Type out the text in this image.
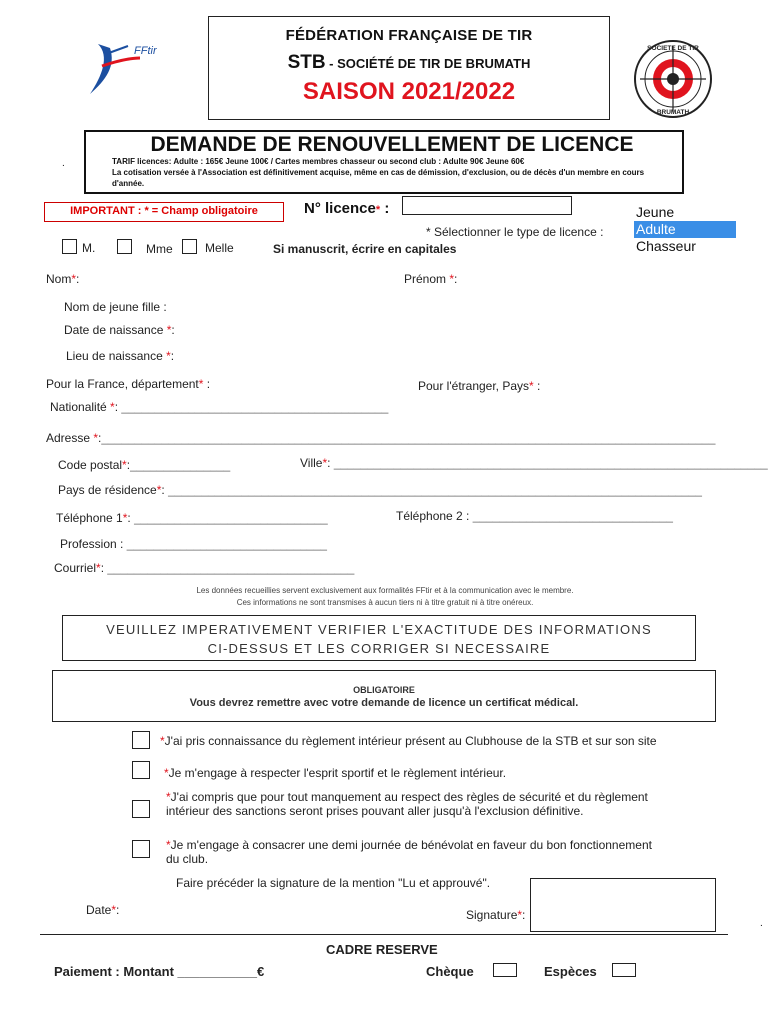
FFtir
FÉDÉRATION FRANÇAISE DE TIR
STB - SOCIÉTÉ DE TIR DE BRUMATH
SAISON 2021/2022
SOCIETE DE TIR
BRUMATH
.
DEMANDE DE RENOUVELLEMENT DE LICENCE
TARIF licences: Adulte : 165€ Jeune 100€ / Cartes membres chasseur ou second club : Adulte 90€ Jeune 60€
La cotisation versée à l'Association est définitivement acquise, même en cas de démission, d'exclusion, ou de décès d'un membre en cours d'année.
IMPORTANT : * = Champ obligatoire	N° licence* :
* Sélectionner le type de licence :
Jeune
Adulte
Chasseur
M.	Mme	Melle	Si manuscrit, écrire en capitales
Nom*:	Prénom *:
Nom de jeune fille :
Date de naissance *:
Lieu de naissance *:
Pour la France, département* :	Pour l'étranger, Pays* :
Nationalité *: ________________________________________
Adresse *:____________________________________________________________________________________________
Code postal*:_______________	Ville*: _________________________________________________________________
Pays de résidence*: ________________________________________________________________________________
Téléphone 1*: _____________________________	Téléphone 2 : ______________________________
Profession : ______________________________
Courriel*: _____________________________________
Les données recueillies servent exclusivement aux formalités FFtir et à la communication avec le membre.
Ces informations ne sont transmises à aucun tiers ni à titre gratuit ni à titre onéreux.
VEUILLEZ IMPERATIVEMENT VERIFIER L'EXACTITUDE DES INFORMATIONS
CI-DESSUS ET LES CORRIGER SI NECESSAIRE
OBLIGATOIRE
Vous devrez remettre avec votre demande de licence un certificat médical.
*J'ai pris connaissance du règlement intérieur présent au Clubhouse de la STB et sur son site
*Je m'engage à respecter l'esprit sportif et le règlement intérieur.
*J'ai compris que pour tout manquement au respect des règles de sécurité et du règlement intérieur des sanctions seront prises pouvant aller jusqu'à l'exclusion définitive.
*Je m'engage à consacrer une demi journée de bénévolat en faveur du bon fonctionnement du club.
Faire précéder la signature de la mention "Lu et approuvé".
Date*:	Signature*:
.
CADRE RESERVE
Paiement : Montant ___________€	Chèque	Espèces
